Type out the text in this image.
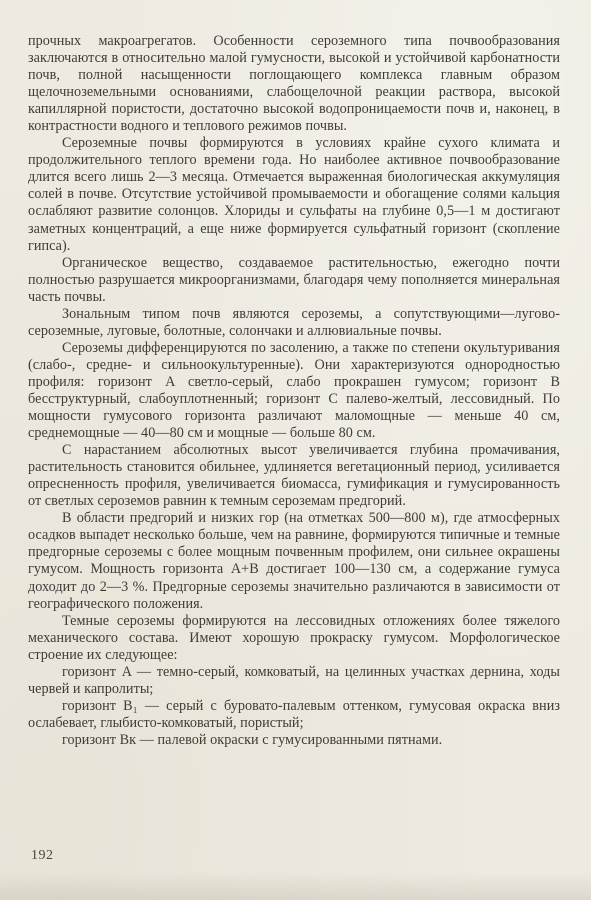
прочных макроагрегатов. Особенности сероземного типа почвообразования заключаются в относительно малой гумусности, высокой и устойчивой карбонатности почв, полной насыщенности поглощающего комплекса главным образом щелочноземельными основаниями, слабощелочной реакции раствора, высокой капиллярной пористости, достаточно высокой водопроницаемости почв и, наконец, в контрастности водного и теплового режимов почвы.

Сероземные почвы формируются в условиях крайне сухого климата и продолжительного теплого времени года. Но наиболее активное почвообразование длится всего лишь 2—3 месяца. Отмечается выраженная биологическая аккумуляция солей в почве. Отсутствие устойчивой промываемости и обогащение солями кальция ослабляют развитие солонцов. Хлориды и сульфаты на глубине 0,5—1 м достигают заметных концентраций, а еще ниже формируется сульфатный горизонт (скопление гипса).

Органическое вещество, создаваемое растительностью, ежегодно почти полностью разрушается микроорганизмами, благодаря чему пополняется минеральная часть почвы.

Зональным типом почв являются сероземы, а сопутствующими—лугово-сероземные, луговые, болотные, солончаки и аллювиальные почвы.

Сероземы дифференцируются по засолению, а также по степени окультуривания (слабо-, средне- и сильноокультуренные). Они характеризуются однородностью профиля: горизонт A светло-серый, слабо прокрашен гумусом; горизонт B бесструктурный, слабоуплотненный; горизонт C палево-желтый, лессовидный. По мощности гумусового горизонта различают маломощные — меньше 40 см, среднемощные — 40—80 см и мощные — больше 80 см.

С нарастанием абсолютных высот увеличивается глубина промачивания, растительность становится обильнее, удлиняется вегетационный период, усиливается опресненность профиля, увеличивается биомасса, гумификация и гумусированность от светлых сероземов равнин к темным сероземам предгорий.

В области предгорий и низких гор (на отметках 500—800 м), где атмосферных осадков выпадет несколько больше, чем на равнине, формируются типичные и темные предгорные сероземы с более мощным почвенным профилем, они сильнее окрашены гумусом. Мощность горизонта A+B достигает 100—130 см, а содержание гумуса доходит до 2—3 %. Предгорные сероземы значительно различаются в зависимости от географического положения.

Темные сероземы формируются на лессовидных отложениях более тяжелого механического состава. Имеют хорошую прокраску гумусом. Морфологическое строение их следующее:

горизонт A — темно-серый, комковатый, на целинных участках дернина, ходы червей и капролиты;

горизонт B₁ — серый с буровато-палевым оттенком, гумусовая окраска вниз ослабевает, глыбисто-комковатый, пористый;

горизонт Bк — палевой окраски с гумусированными пятнами.

192
